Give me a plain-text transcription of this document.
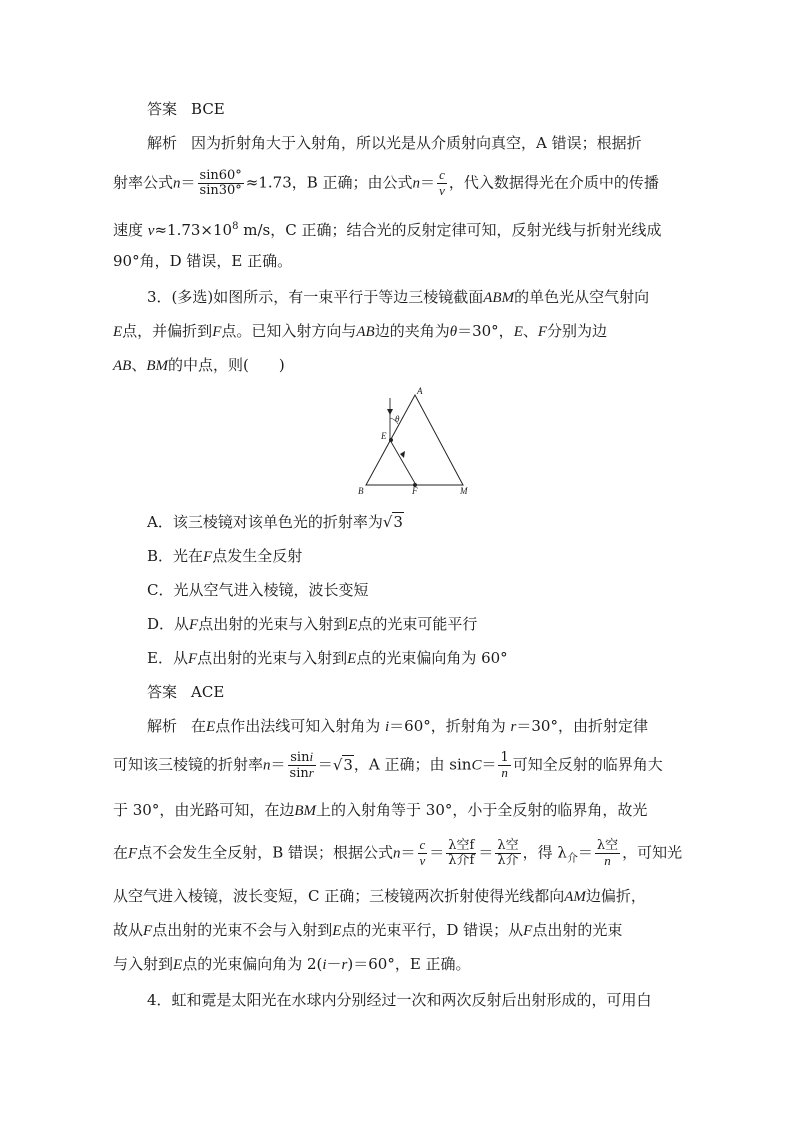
答案 BCE
解析 因为折射角大于入射角，所以光是从介质射向真空，A 错误；根据折
射率公式$n= \frac{\sin 60^\circ}{\sin 30^\circ} \approx 1.73$，B 正确；由公式$n= \frac{c}{v}$ ，代入数据得光在介质中的传播
速度 $v\approx 1.73\times 10^8$ m/s，C 正确；结合光的反射定律可知，反射光线与折射光线成
90°角，D 错误，E 正确。
3．(多选)如图所示，有一束平行于等边三棱镜截面ABM的单色光从空气射向
E点，并偏折到F点。已知入射方向与AB边的夹角为θ＝30°，E、F分别为边
AB、BM的中点，则(　　)
A
θ
E
B	F	M
A．该三棱镜对该单色光的折射率为√3
B．光在F点发生全反射
C．光从空气进入棱镜，波长变短
D．从F点出射的光束与入射到E点的光束可能平行
E．从F点出射的光束与入射到E点的光束偏向角为 60°
答案 ACE
解析 在E点作出法线可知入射角为 i＝60°，折射角为 r＝30°，由折射定律
可知该三棱镜的折射率$n= \frac{\sin i}{\sin r} =√3$，A 正确；由 $\sin C= \frac{1}{n}$ 可知全反射的临界角大
于 30°，由光路可知，在边BM上的入射角等于 30°，小于全反射的临界角，故光
在F点不会发生全反射，B 错误；根据公式$n= \frac{c}{v} = \frac{\text{λ空f}}{\text{λ介f}} = \frac{\text{λ空}}{\text{λ介}}$ ，得 $\lambda_介= \frac{\text{λ空}}{n}$ ，可知光
从空气进入棱镜，波长变短，C 正确；三棱镜两次折射使得光线都向AM边偏折，
故从F点出射的光束不会与入射到E点的光束平行，D 错误；从F点出射的光束
与入射到E点的光束偏向角为 2(i－r)＝60°，E 正确。
4．虹和霓是太阳光在水球内分别经过一次和两次反射后出射形成的，可用白
